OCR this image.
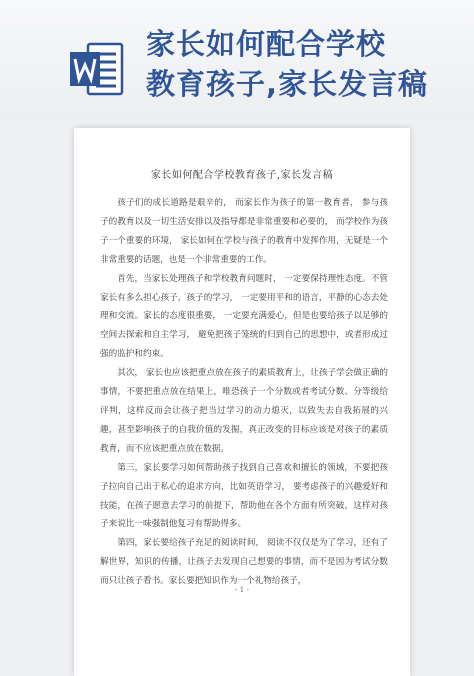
家长如何配合学校
教育孩子,家长发言稿
家长如何配合学校教育孩子,家长发言稿

孩子们的成长道路是艰辛的， 而家长作为孩子的第一教育者， 参与孩子的教育以及一切生活安排以及指导都是非常重要和必要的， 而学校作为孩子一个重要的环境， 家长如何在学校与孩子的教育中发挥作用，无疑是一个非常重要的话题，也是一个非常重要的工作。

首先，当家长处理孩子和学校教育问题时， 一定要保持理性态度。不管家长有多么担心孩子，孩子的学习， 一定要用平和的语言，平静的心态去处理和交流。家长的态度很重要， 一定要充满爱心，但是也要给孩子以足够的空间去探索和自主学习， 避免把孩子笼统的归到自己的思想中，或者形成过强的监护和约束。

其次， 家长也应该把重点放在孩子的素质教育上，让孩子学会做正确的事情，不要把重点放在结果上，唯恐孩子一个分数或者考试分数、分等级给评判，这样反而会让孩子把当过学习的动力熄灭，以致失去自我拓展的兴趣，甚至影响孩子的自我价值的发掘，真正改变的目标应该是对孩子的素质教育，而不应该把重点放在数据。

第三，家长要学习如何帮助孩子找到自己喜欢和擅长的领域，不要把孩子拉向自己出于私心的追求方向，比如英语学习， 要考虑孩子的兴趣爱好和技能，在孩子愿意去学习的前提下，帮助他在各个方面有所突破，这样对孩子来说比一味强制他复习有帮助得多。

第四，家长要给孩子充足的阅读时间， 阅读不仅仅是为了学习，还有了解世界，知识的传播，让孩子去发现自己想要的事情，而不是因为考试分数而只让孩子看书。家长要把知识作为一个礼物给孩子，

- 1 -
